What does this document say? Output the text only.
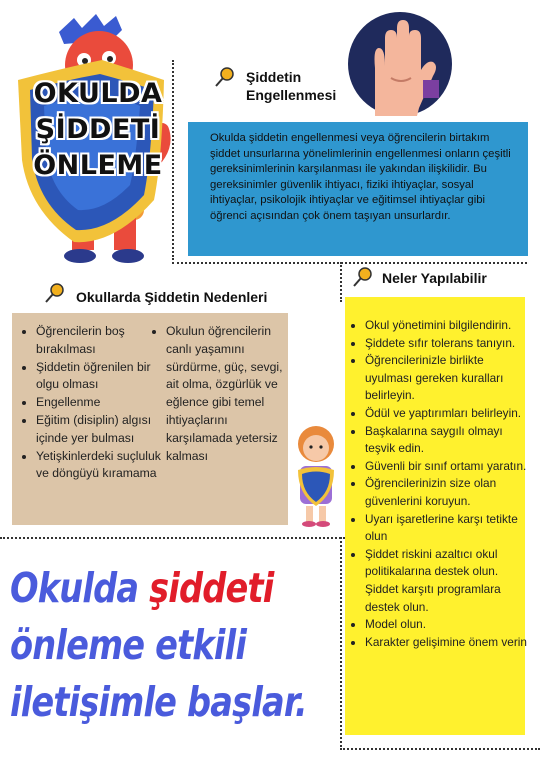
OKULDA
ŞİDDETİ
ÖNLEME
Şiddetin
Engellenmesi
Okulda şiddetin engellenmesi veya öğrencilerin birtakım şiddet unsurlarına yönelimlerinin engellenmesi onların çeşitli gereksinimlerinin karşılanması ile yakından ilişkilidir. Bu gereksinimler güvenlik ihtiyacı, fiziki ihtiyaçlar, sosyal ihtiyaçlar, psikolojik ihtiyaçlar ve eğitimsel ihtiyaçlar gibi öğrenci açısından çok önem taşıyan unsurlardır.
Neler Yapılabilir
• Okul yönetimini bilgilendirin.
• Şiddete sıfır tolerans tanıyın.
• Öğrencilerinizle birlikte uyulması gereken kuralları belirleyin.
• Ödül ve yaptırımları belirleyin.
• Başkalarına saygılı olmayı teşvik edin.
• Güvenli bir sınıf ortamı yaratın.
• Öğrencilerinizin size olan güvenlerini koruyun.
• Uyarı işaretlerine karşı tetikte olun
• Şiddet riskini azaltıcı okul politikalarına destek olun. Şiddet karşıtı programlara destek olun.
• Model olun.
• Karakter gelişimine önem verin
Okullarda Şiddetin Nedenleri
• Öğrencilerin boş bırakılması
• Şiddetin öğrenilen bir olgu olması
• Engellenme
• Eğitim (disiplin) algısı içinde yer bulması
• Yetişkinlerdeki suçluluk ve döngüyü kıramama
• Okulun öğrencilerin canlı yaşamını sürdürme, güç, sevgi, ait olma, özgürlük ve eğlence gibi temel ihtiyaçlarını karşılamada yetersiz kalması
Okulda şiddeti
önleme etkili
iletişimle başlar.
